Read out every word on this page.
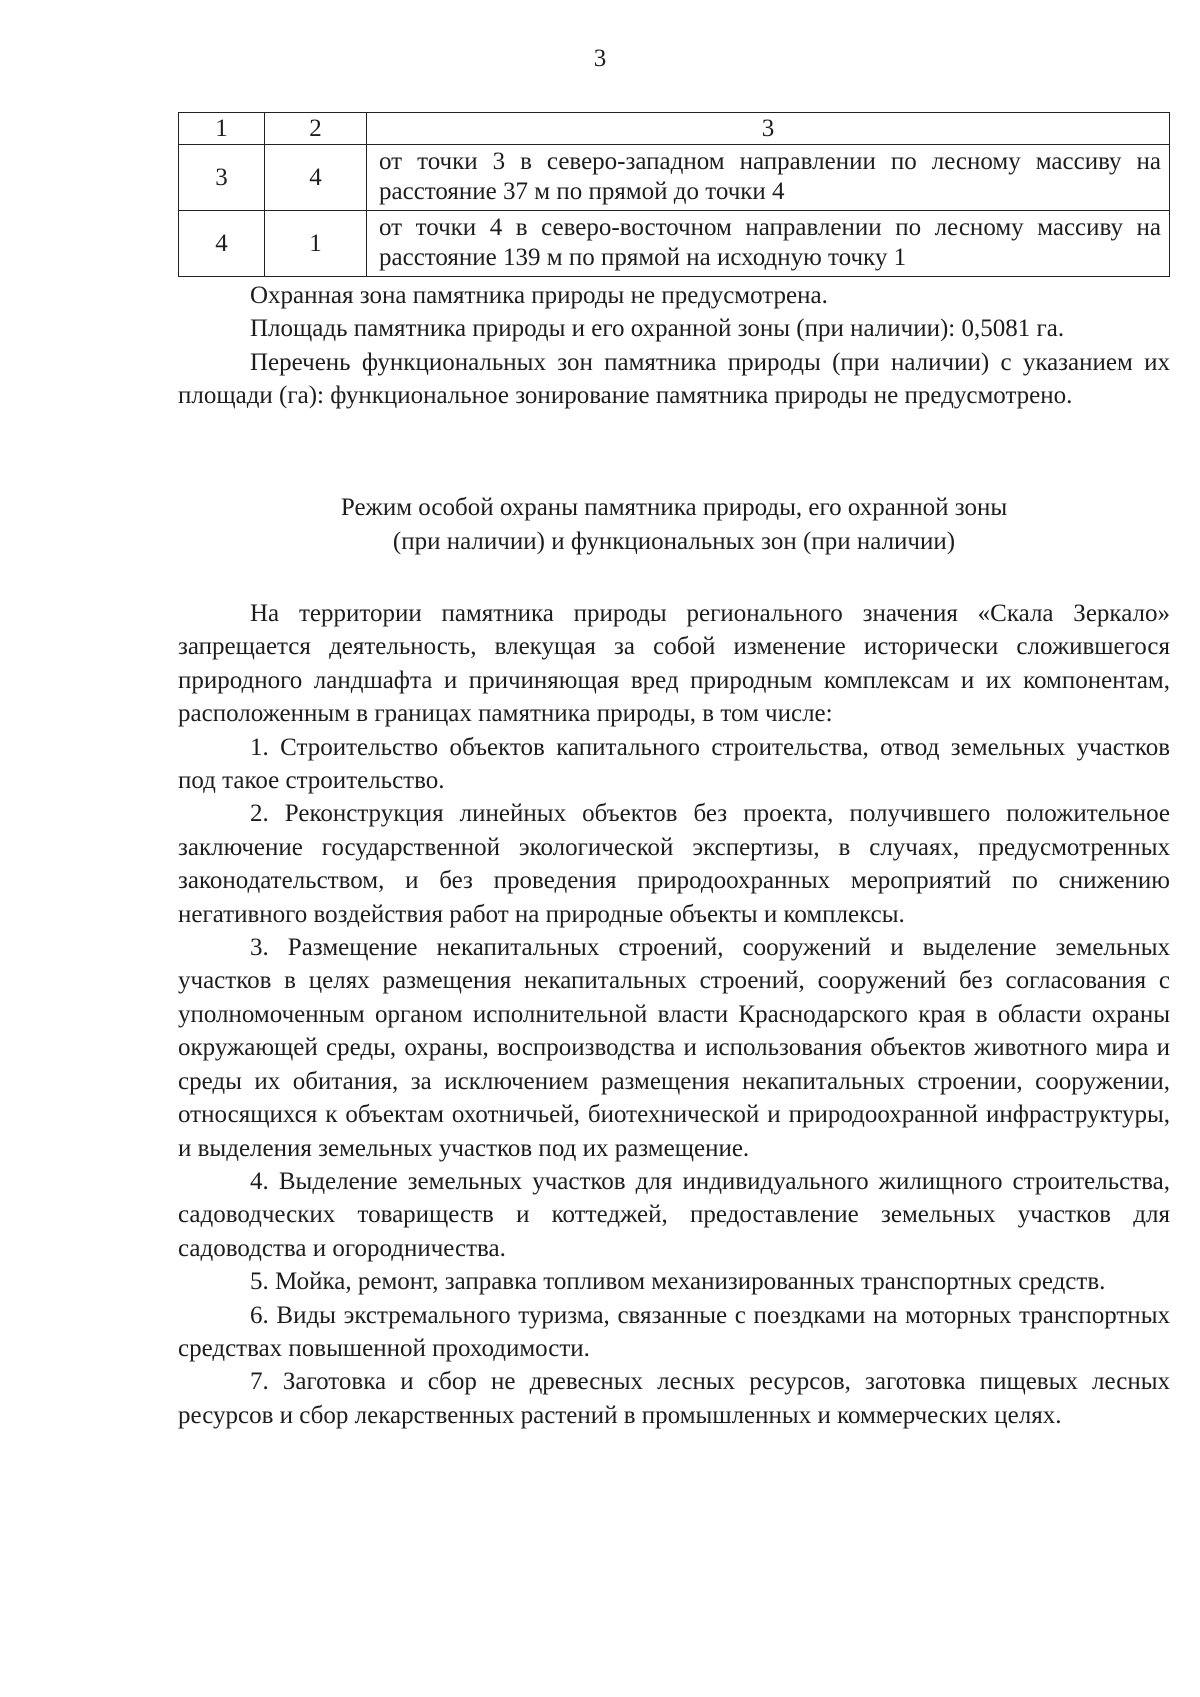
3
1	2	3
3	4	от точки 3 в северо-западном направлении по лесному массиву на расстояние 37 м по прямой до точки 4
4	1	от точки 4 в северо-восточном направлении по лесному массиву на расстояние 139 м по прямой на исходную точку 1

Охранная зона памятника природы не предусмотрена.

Площадь памятника природы и его охранной зоны (при наличии): 0,5081 га.

Перечень функциональных зон памятника природы (при наличии) с указанием их площади (га): функциональное зонирование памятника природы не предусмотрено.

Режим особой охраны памятника природы, его охранной зоны

(при наличии) и функциональных зон (при наличии)

На территории памятника природы регионального значения «Скала Зеркало» запрещается деятельность, влекущая за собой изменение исторически сложившегося природного ландшафта и причиняющая вред природным комплексам и их компонентам, расположенным в границах памятника природы, в том числе:

1. Строительство объектов капитального строительства, отвод земельных участков под такое строительство.

2. Реконструкция линейных объектов без проекта, получившего положительное заключение государственной экологической экспертизы, в случаях, предусмотренных законодательством, и без проведения природоохранных мероприятий по снижению негативного воздействия работ на природные объекты и комплексы.

3. Размещение некапитальных строений, сооружений и выделение земельных участков в целях размещения некапитальных строений, сооружений без согласования с уполномоченным органом исполнительной власти Краснодарского края в области охраны окружающей среды, охраны, воспроизводства и использования объектов животного мира и среды их обитания, за исключением размещения некапитальных строении, сооружении, относящихся к объектам охотничьей, биотехнической и природоохранной инфраструктуры, и выделения земельных участков под их размещение.

4. Выделение земельных участков для индивидуального жилищного строительства, садоводческих товариществ и коттеджей, предоставление земельных участков для садоводства и огородничества.

5. Мойка, ремонт, заправка топливом механизированных транспортных средств.

6. Виды экстремального туризма, связанные с поездками на моторных транспортных средствах повышенной проходимости.

7. Заготовка и сбор не древесных лесных ресурсов, заготовка пищевых лесных ресурсов и сбор лекарственных растений в промышленных и коммерческих целях.
